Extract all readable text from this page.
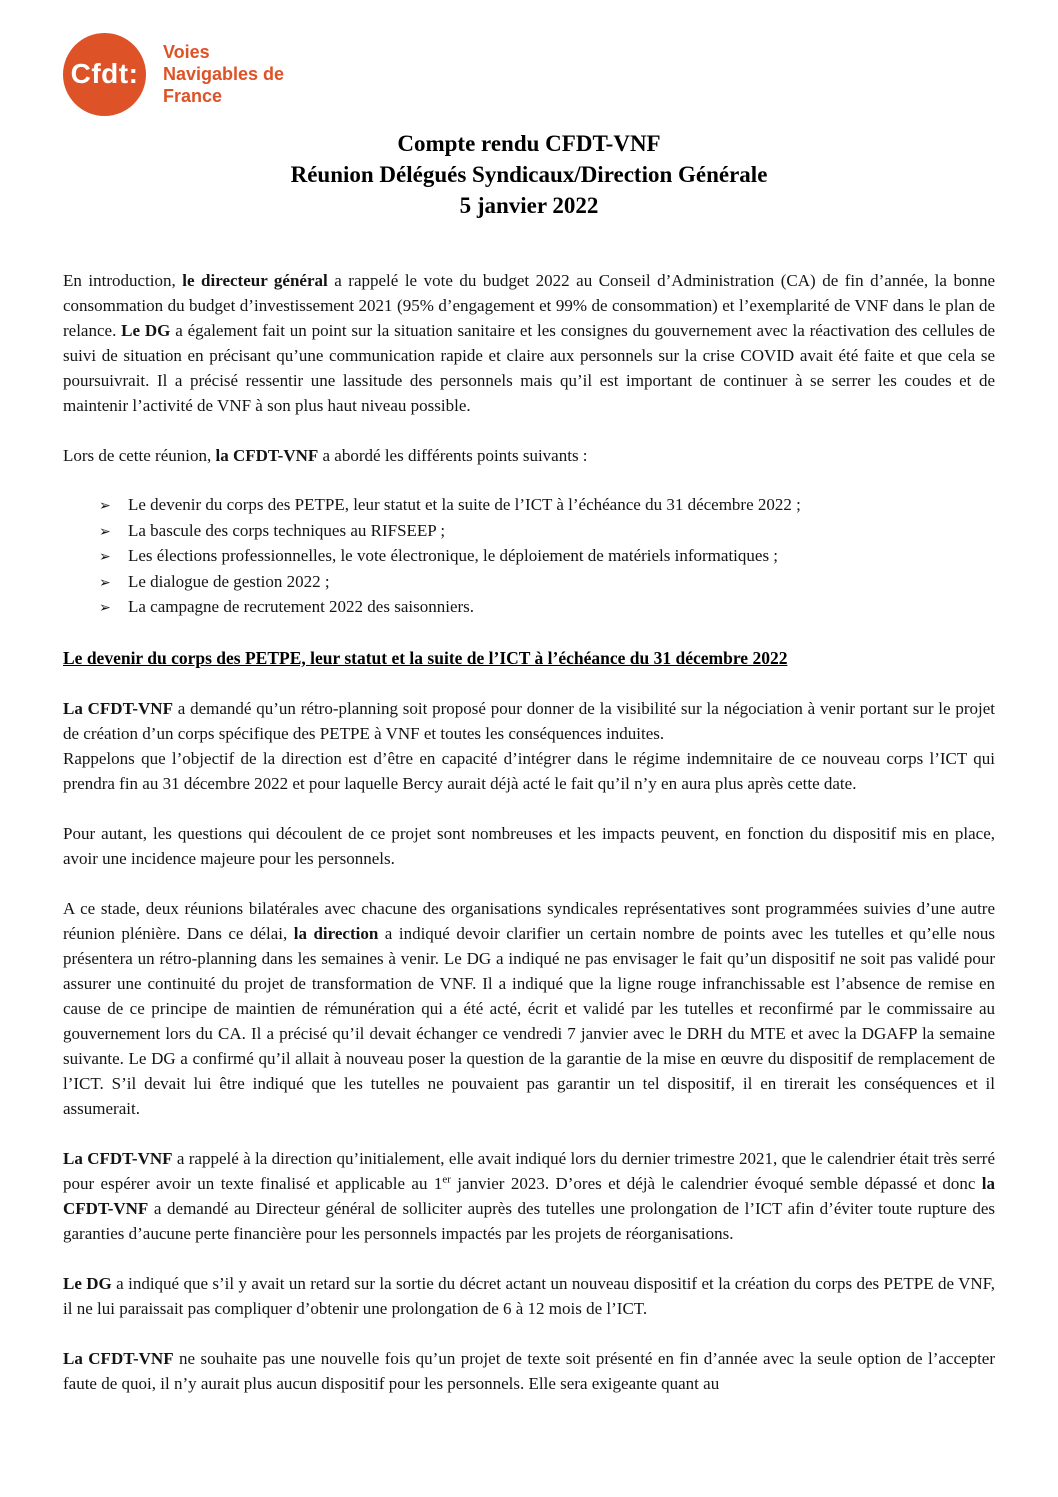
Cfdt:
Voies
Navigables de
France
Compte rendu CFDT-VNF
Réunion Délégués Syndicaux/Direction Générale
5 janvier 2022

En introduction, le directeur général a rappelé le vote du budget 2022 au Conseil d’Administration (CA) de fin d’année, la bonne consommation du budget d’investissement 2021 (95% d’engagement et 99% de consommation) et l’exemplarité de VNF dans le plan de relance. Le DG a également fait un point sur la situation sanitaire et les consignes du gouvernement avec la réactivation des cellules de suivi de situation en précisant qu’une communication rapide et claire aux personnels sur la crise COVID avait été faite et que cela se poursuivrait. Il a précisé ressentir une lassitude des personnels mais qu’il est important de continuer à se serrer les coudes et de maintenir l’activité de VNF à son plus haut niveau possible.

Lors de cette réunion, la CFDT-VNF a abordé les différents points suivants :

➢ Le devenir du corps des PETPE, leur statut et la suite de l’ICT à l’échéance du 31 décembre 2022 ;
➢ La bascule des corps techniques au RIFSEEP ;
➢ Les élections professionnelles, le vote électronique, le déploiement de matériels informatiques ;
➢ Le dialogue de gestion 2022 ;
➢ La campagne de recrutement 2022 des saisonniers.
Le devenir du corps des PETPE, leur statut et la suite de l’ICT à l’échéance du 31 décembre 2022

La CFDT-VNF a demandé qu’un rétro-planning soit proposé pour donner de la visibilité sur la négociation à venir portant sur le projet de création d’un corps spécifique des PETPE à VNF et toutes les conséquences induites.

Rappelons que l’objectif de la direction est d’être en capacité d’intégrer dans le régime indemnitaire de ce nouveau corps l’ICT qui prendra fin au 31 décembre 2022 et pour laquelle Bercy aurait déjà acté le fait qu’il n’y en aura plus après cette date.

Pour autant, les questions qui découlent de ce projet sont nombreuses et les impacts peuvent, en fonction du dispositif mis en place, avoir une incidence majeure pour les personnels.

A ce stade, deux réunions bilatérales avec chacune des organisations syndicales représentatives sont programmées suivies d’une autre réunion plénière. Dans ce délai, la direction a indiqué devoir clarifier un certain nombre de points avec les tutelles et qu’elle nous présentera un rétro-planning dans les semaines à venir. Le DG a indiqué ne pas envisager le fait qu’un dispositif ne soit pas validé pour assurer une continuité du projet de transformation de VNF. Il a indiqué que la ligne rouge infranchissable est l’absence de remise en cause de ce principe de maintien de rémunération qui a été acté, écrit et validé par les tutelles et reconfirmé par le commissaire au gouvernement lors du CA. Il a précisé qu’il devait échanger ce vendredi 7 janvier avec le DRH du MTE et avec la DGAFP la semaine suivante. Le DG a confirmé qu’il allait à nouveau poser la question de la garantie de la mise en œuvre du dispositif de remplacement de l’ICT. S’il devait lui être indiqué que les tutelles ne pouvaient pas garantir un tel dispositif, il en tirerait les conséquences et il assumerait.

La CFDT-VNF a rappelé à la direction qu’initialement, elle avait indiqué lors du dernier trimestre 2021, que le calendrier était très serré pour espérer avoir un texte finalisé et applicable au 1er janvier 2023. D’ores et déjà le calendrier évoqué semble dépassé et donc la CFDT-VNF a demandé au Directeur général de solliciter auprès des tutelles une prolongation de l’ICT afin d’éviter toute rupture des garanties d’aucune perte financière pour les personnels impactés par les projets de réorganisations.

Le DG a indiqué que s’il y avait un retard sur la sortie du décret actant un nouveau dispositif et la création du corps des PETPE de VNF, il ne lui paraissait pas compliquer d’obtenir une prolongation de 6 à 12 mois de l’ICT.

La CFDT-VNF ne souhaite pas une nouvelle fois qu’un projet de texte soit présenté en fin d’année avec la seule option de l’accepter faute de quoi, il n’y aurait plus aucun dispositif pour les personnels. Elle sera exigeante quant au
